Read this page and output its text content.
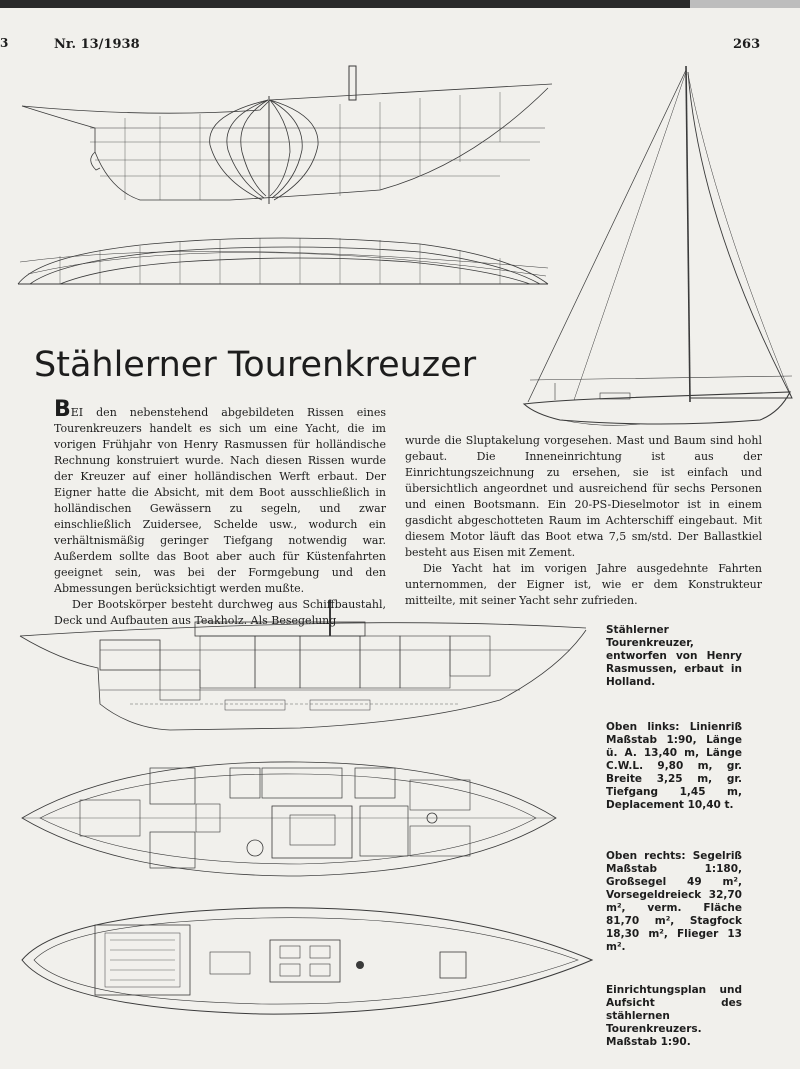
3	Nr. 13/1938	263
Stählerner Tourenkreuzer

BEI den nebenstehend abgebildeten Rissen eines Tourenkreuzers handelt es sich um eine Yacht, die im vorigen Frühjahr von Henry Rasmussen für holländische Rechnung konstruiert wurde. Nach diesen Rissen wurde der Kreuzer auf einer holländischen Werft erbaut. Der Eigner hatte die Absicht, mit dem Boot ausschließlich in holländischen Gewässern zu segeln, und zwar einschließlich Zuidersee, Schelde usw., wodurch ein verhältnismäßig geringer Tiefgang notwendig war. Außerdem sollte das Boot aber auch für Küstenfahrten geeignet sein, was bei der Formgebung und den Abmessungen berücksichtigt werden mußte.

Der Bootskörper besteht durchweg aus Schiffbaustahl, Deck und Aufbauten aus Teakholz. Als Besegelung

wurde die Sluptakelung vorgesehen. Mast und Baum sind hohl gebaut. Die Inneneinrichtung ist aus der Einrichtungszeichnung zu ersehen, sie ist einfach und übersichtlich angeordnet und ausreichend für sechs Personen und einen Bootsmann. Ein 20-PS-Dieselmotor ist in einem gasdicht abgeschotteten Raum im Achterschiff eingebaut. Mit diesem Motor läuft das Boot etwa 7,5 sm/std. Der Ballastkiel besteht aus Eisen mit Zement.

Die Yacht hat im vorigen Jahre ausgedehnte Fahrten unternommen, der Eigner ist, wie er dem Konstrukteur mitteilte, mit seiner Yacht sehr zufrieden.

Stählerner Tourenkreuzer, entworfen von Henry Rasmussen, erbaut in Holland.

Oben links: Linienriß Maßstab 1:90, Länge ü. A. 13,40 m, Länge C.W.L. 9,80 m, gr. Breite 3,25 m, gr. Tiefgang 1,45 m, Deplacement 10,40 t.

Oben rechts: Segelriß Maßstab 1:180, Großsegel 49 m², Vorsegeldreieck 32,70 m², verm. Fläche 81,70 m², Stagfock 18,30 m², Flieger 13 m².

Einrichtungsplan und Aufsicht des stählernen Tourenkreuzers. Maßstab 1:90.
